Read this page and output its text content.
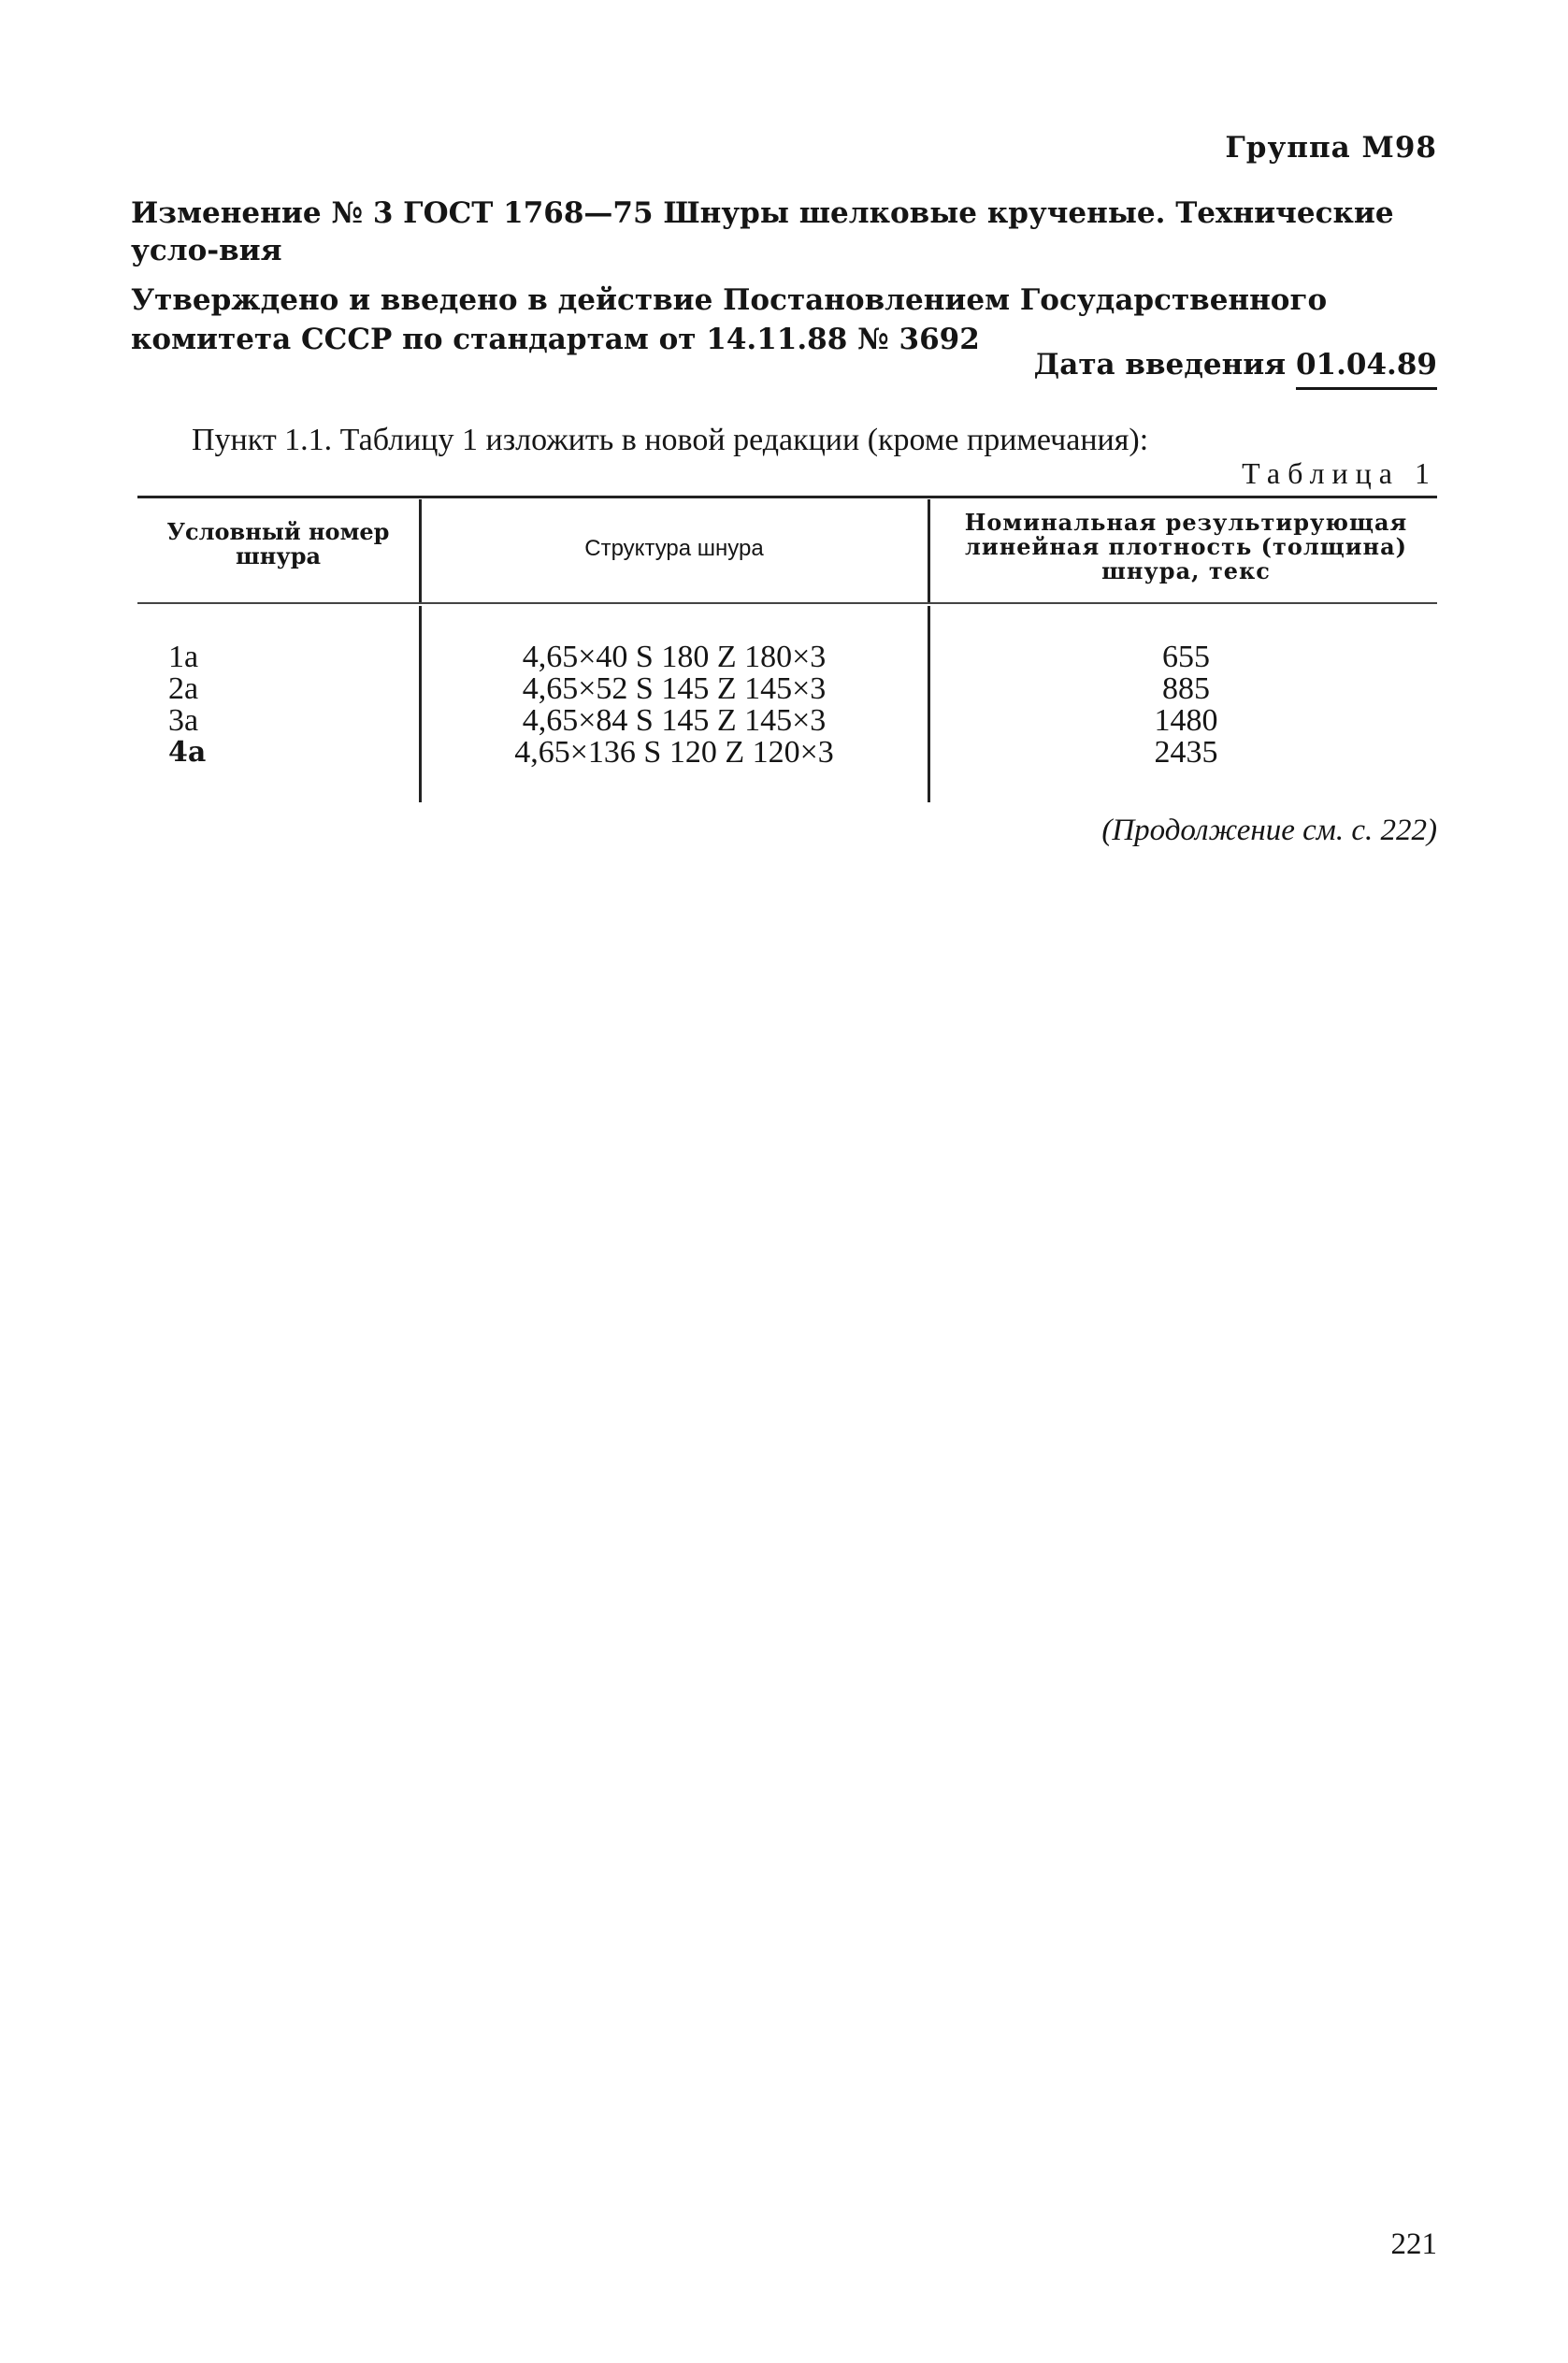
Группа М98
Изменение № 3 ГОСТ 1768—75 Шнуры шелковые крученые. Технические усло-вия
Утверждено и введено в действие Постановлением Государственного комитета СССР по стандартам от 14.11.88 № 3692
Дата введения 01.04.89
Пункт 1.1. Таблицу 1 изложить в новой редакции (кроме примечания):
Таблица 1
Условный номер шнура	Структура шнура
Номинальная результирующая линейная плотность (толщина) шнура, текс
1а
2а
3а
4а
4,65×40 S 180 Z 180×3
4,65×52 S 145 Z 145×3
4,65×84 S 145 Z 145×3
4,65×136 S 120 Z 120×3
655
885
1480
2435
(Продолжение см. с. 222)
221
